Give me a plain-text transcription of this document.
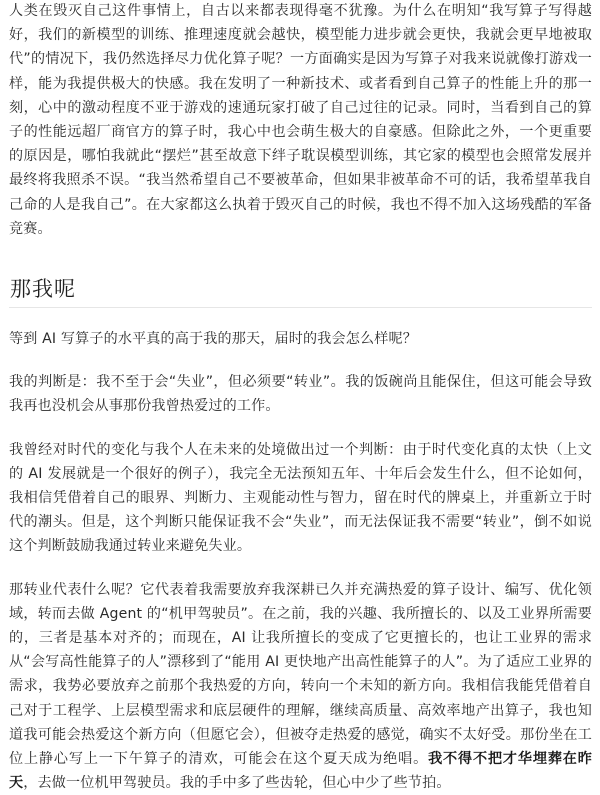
人类在毁灭自己这件事情上，自古以来都表现得毫不犹豫。为什么在明知“我写算子写得越好，我们的新模型的训练、推理速度就会越快，模型能力进步就会更快，我就会更早地被取代”的情况下，我仍然选择尽力优化算子呢？一方面确实是因为写算子对我来说就像打游戏一样，能为我提供极大的快感。我在发明了一种新技术、或者看到自己算子的性能上升的那一刻，心中的激动程度不亚于游戏的速通玩家打破了自己过往的记录。同时，当看到自己的算子的性能远超厂商官方的算子时，我心中也会萌生极大的自豪感。但除此之外，一个更重要的原因是，哪怕我就此“摆烂”甚至故意下绊子耽误模型训练，其它家的模型也会照常发展并最终将我照杀不误。“我当然希望自己不要被革命，但如果非被革命不可的话，我希望革我自己命的人是我自己”。在大家都这么执着于毁灭自己的时候，我也不得不加入这场残酷的军备竞赛。

那我呢

等到 AI 写算子的水平真的高于我的那天，届时的我会怎么样呢？

我的判断是：我不至于会“失业”，但必须要“转业”。我的饭碗尚且能保住，但这可能会导致我再也没机会从事那份我曾热爱过的工作。

我曾经对时代的变化与我个人在未来的处境做出过一个判断：由于时代变化真的太快（上文的 AI 发展就是一个很好的例子），我完全无法预知五年、十年后会发生什么，但不论如何，我相信凭借着自己的眼界、判断力、主观能动性与智力，留在时代的牌桌上，并重新立于时代的潮头。但是，这个判断只能保证我不会“失业”，而无法保证我不需要“转业”，倒不如说这个判断鼓励我通过转业来避免失业。

那转业代表什么呢？它代表着我需要放弃我深耕已久并充满热爱的算子设计、编写、优化领域，转而去做 Agent 的“机甲驾驶员”。在之前，我的兴趣、我所擅长的、以及工业界所需要的，三者是基本对齐的；而现在，AI 让我所擅长的变成了它更擅长的，也让工业界的需求从“会写高性能算子的人”漂移到了“能用 AI 更快地产出高性能算子的人”。为了适应工业界的需求，我势必要放弃之前那个我热爱的方向，转向一个未知的新方向。我相信我能凭借着自己对于工程学、上层模型需求和底层硬件的理解，继续高质量、高效率地产出算子，我也知道我可能会热爱这个新方向（但愿它会），但被夺走热爱的感觉，确实不太好受。那份坐在工位上静心写上一下午算子的清欢，可能会在这个夏天成为绝唱。我不得不把才华埋葬在昨天，去做一位机甲驾驶员。我的手中多了些齿轮，但心中少了些节拍。
